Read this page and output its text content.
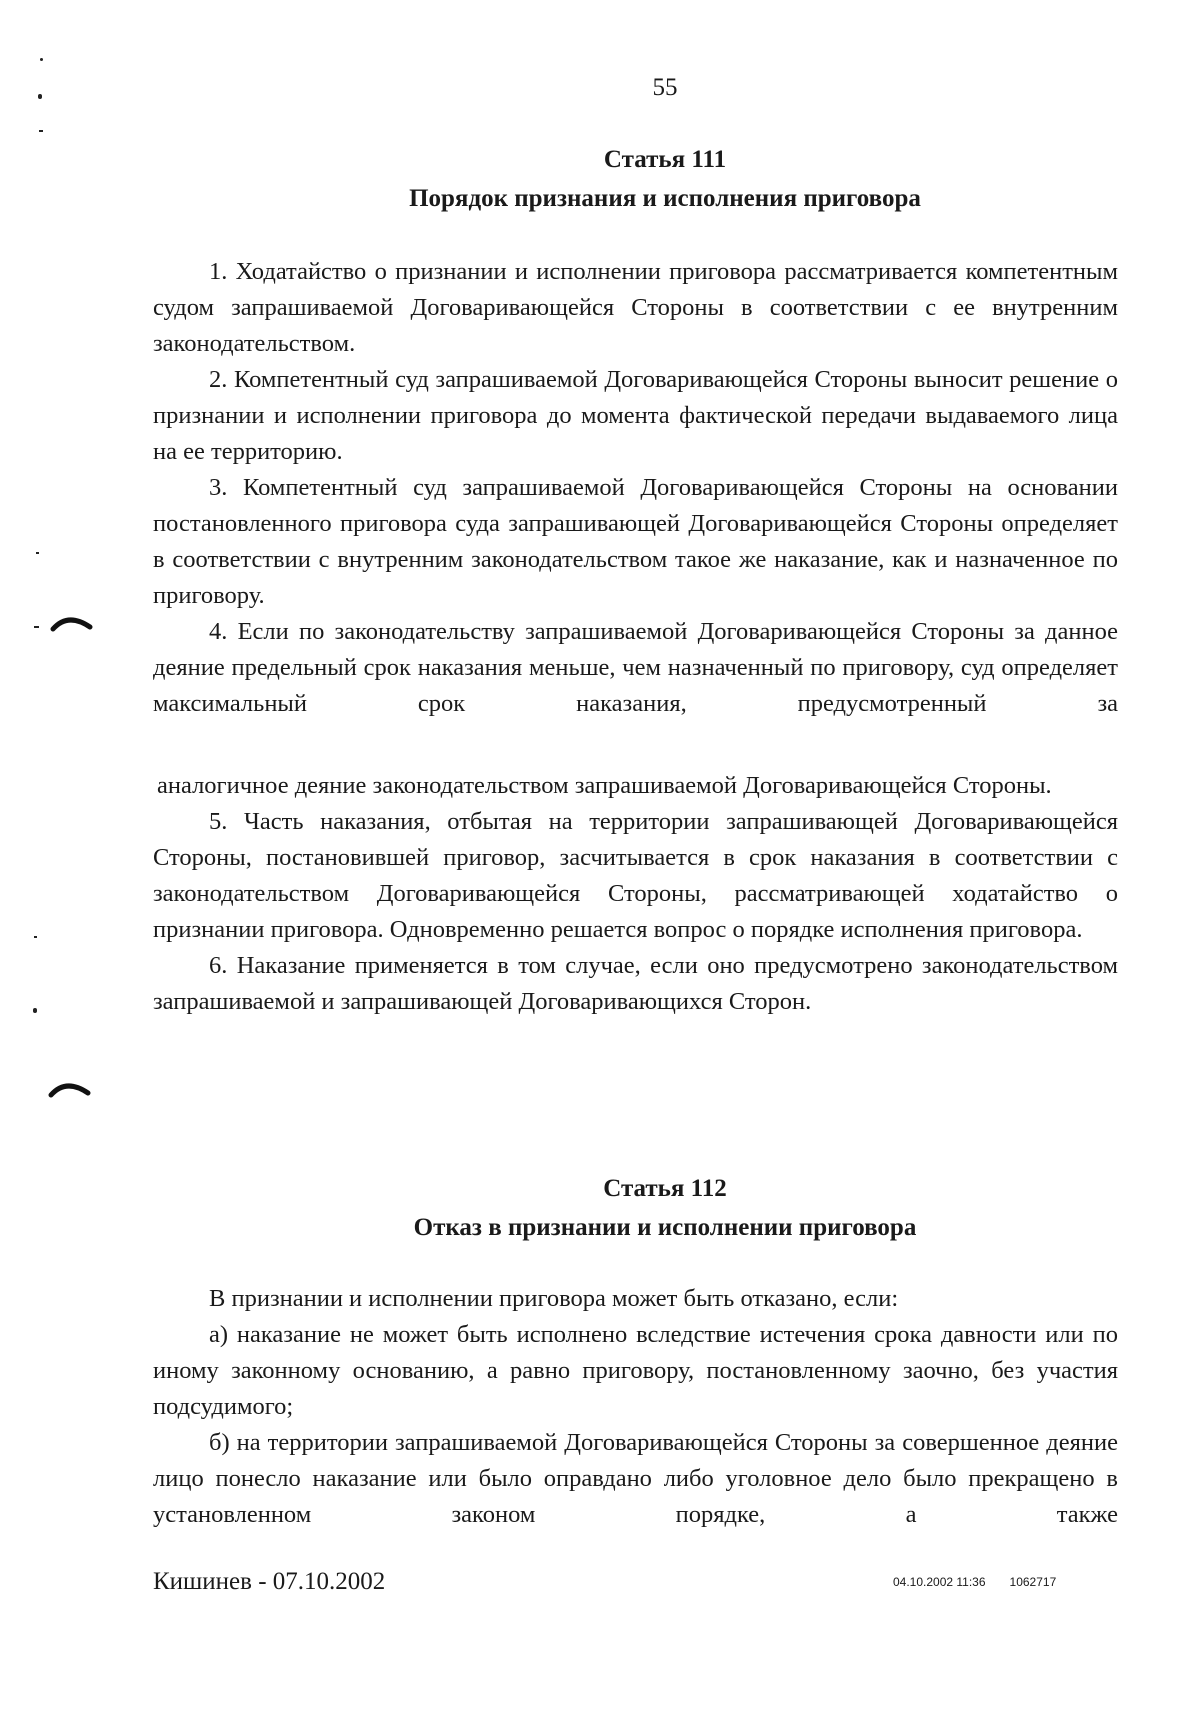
55
Статья 111
Порядок признания и исполнения приговора

1. Ходатайство о признании и исполнении приговора рассматривается компетентным судом запрашиваемой Договаривающейся Стороны в соответствии с ее внутренним законодательством.

2. Компетентный суд запрашиваемой Договаривающейся Стороны выносит решение о признании и исполнении приговора до момента фактической передачи выдаваемого лица на ее территорию.

3. Компетентный суд запрашиваемой Договаривающейся Стороны на основании постановленного приговора суда запрашивающей Договаривающейся Стороны определяет в соответствии с внутренним законодательством такое же наказание, как и назначенное по приговору.

4. Если по законодательству запрашиваемой Договаривающейся Стороны за данное деяние предельный срок наказания меньше, чем назначенный по приговору, суд определяет максимальный срок наказания, предусмотренный за

аналогичное деяние законодательством запрашиваемой Договаривающейся Стороны.

5. Часть наказания, отбытая на территории запрашивающей Договаривающейся Стороны, постановившей приговор, засчитывается в срок наказания в соответствии с законодательством Договаривающейся Стороны, рассматривающей ходатайство о признании приговора. Одновременно решается вопрос о порядке исполнения приговора.

6. Наказание применяется в том случае, если оно предусмотрено законодательством запрашиваемой и запрашивающей Договаривающихся Сторон.

Статья 112
Отказ в признании и исполнении приговора

В признании и исполнении приговора может быть отказано, если:

а) наказание не может быть исполнено вследствие истечения срока давности или по иному законному основанию, а равно приговору, постановленному заочно, без участия подсудимого;

б) на территории запрашиваемой Договаривающейся Стороны за совершенное деяние лицо понесло наказание или было оправдано либо уголовное дело было прекращено в установленном законом порядке, а также

Кишинев - 07.10.2002	04.10.2002 11:36 1062717
